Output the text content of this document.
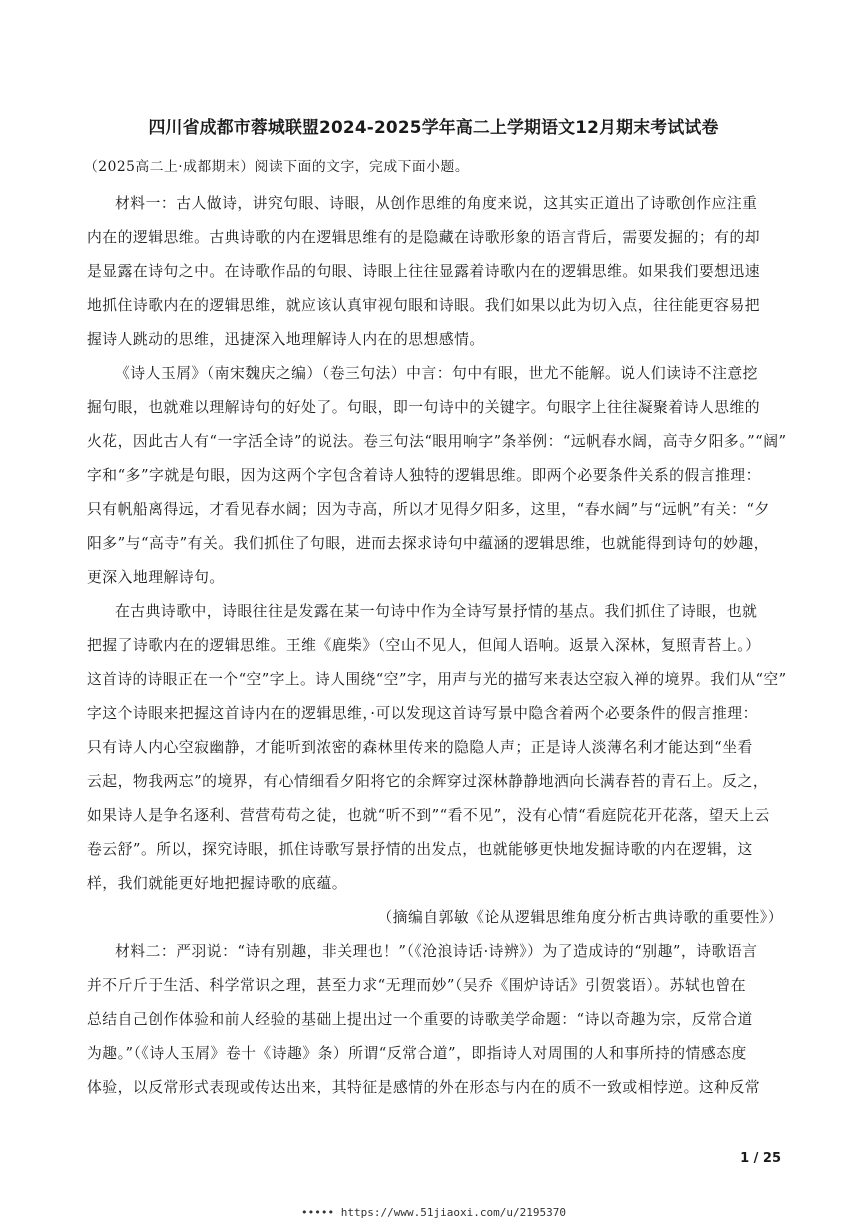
四川省成都市蓉城联盟2024-2025学年高二上学期语文12月期末考试试卷
（2025高二上·成都期末）阅读下面的文字，完成下面小题。
材料一：古人做诗，讲究句眼、诗眼，从创作思维的角度来说，这其实正道出了诗歌创作应注重
内在的逻辑思维。古典诗歌的内在逻辑思维有的是隐藏在诗歌形象的语言背后，需要发掘的；有的却
是显露在诗句之中。在诗歌作品的句眼、诗眼上往往显露着诗歌内在的逻辑思维。如果我们要想迅速
地抓住诗歌内在的逻辑思维，就应该认真审视句眼和诗眼。我们如果以此为切入点，往往能更容易把
握诗人跳动的思维，迅捷深入地理解诗人内在的思想感情。
《诗人玉屑》（南宋魏庆之编）（卷三句法）中言：句中有眼，世尤不能解。说人们读诗不注意挖
掘句眼，也就难以理解诗句的好处了。句眼，即一句诗中的关键字。句眼字上往往凝聚着诗人思维的
火花，因此古人有“一字活全诗”的说法。卷三句法“眼用响字”条举例：“远帆春水阔，高寺夕阳多。”“阔”
字和“多”字就是句眼，因为这两个字包含着诗人独特的逻辑思维。即两个必要条件关系的假言推理：
只有帆船离得远，才看见春水阔；因为寺高，所以才见得夕阳多，这里，“春水阔”与“远帆”有关：“夕
阳多”与“高寺”有关。我们抓住了句眼，进而去探求诗句中蕴涵的逻辑思维，也就能得到诗句的妙趣，
更深入地理解诗句。
在古典诗歌中，诗眼往往是发露在某一句诗中作为全诗写景抒情的基点。我们抓住了诗眼，也就
把握了诗歌内在的逻辑思维。王维《鹿柴》（空山不见人，但闻人语响。返景入深林，复照青苔上。）
这首诗的诗眼正在一个“空”字上。诗人围绕“空”字，用声与光的描写来表达空寂入禅的境界。我们从“空”
字这个诗眼来把握这首诗内在的逻辑思维，·可以发现这首诗写景中隐含着两个必要条件的假言推理：
只有诗人内心空寂幽静，才能听到浓密的森林里传来的隐隐人声；正是诗人淡薄名利才能达到“坐看
云起，物我两忘”的境界，有心情细看夕阳将它的余辉穿过深林静静地洒向长满春苔的青石上。反之，
如果诗人是争名逐利、营营苟苟之徒，也就“听不到”“看不见”，没有心情“看庭院花开花落，望天上云
卷云舒”。所以，探究诗眼，抓住诗歌写景抒情的出发点，也就能够更快地发掘诗歌的内在逻辑，这
样，我们就能更好地把握诗歌的底蕴。
（摘编自郭敏《论从逻辑思维角度分析古典诗歌的重要性》）
材料二：严羽说：“诗有别趣，非关理也！”（《沧浪诗话·诗辨》）为了造成诗的“别趣”，诗歌语言
并不斤斤于生活、科学常识之理，甚至力求“无理而妙”（吴乔《围炉诗话》引贺裳语）。苏轼也曾在
总结自己创作体验和前人经验的基础上提出过一个重要的诗歌美学命题：“诗以奇趣为宗，反常合道
为趣。”（《诗人玉屑》卷十《诗趣》条）所谓“反常合道”，即指诗人对周围的人和事所持的情感态度
体验，以反常形式表现或传达出来，其特征是感情的外在形态与内在的质不一致或相悖逆。这种反常
1 / 25
••••• https://www.51jiaoxi.com/u/2195370
